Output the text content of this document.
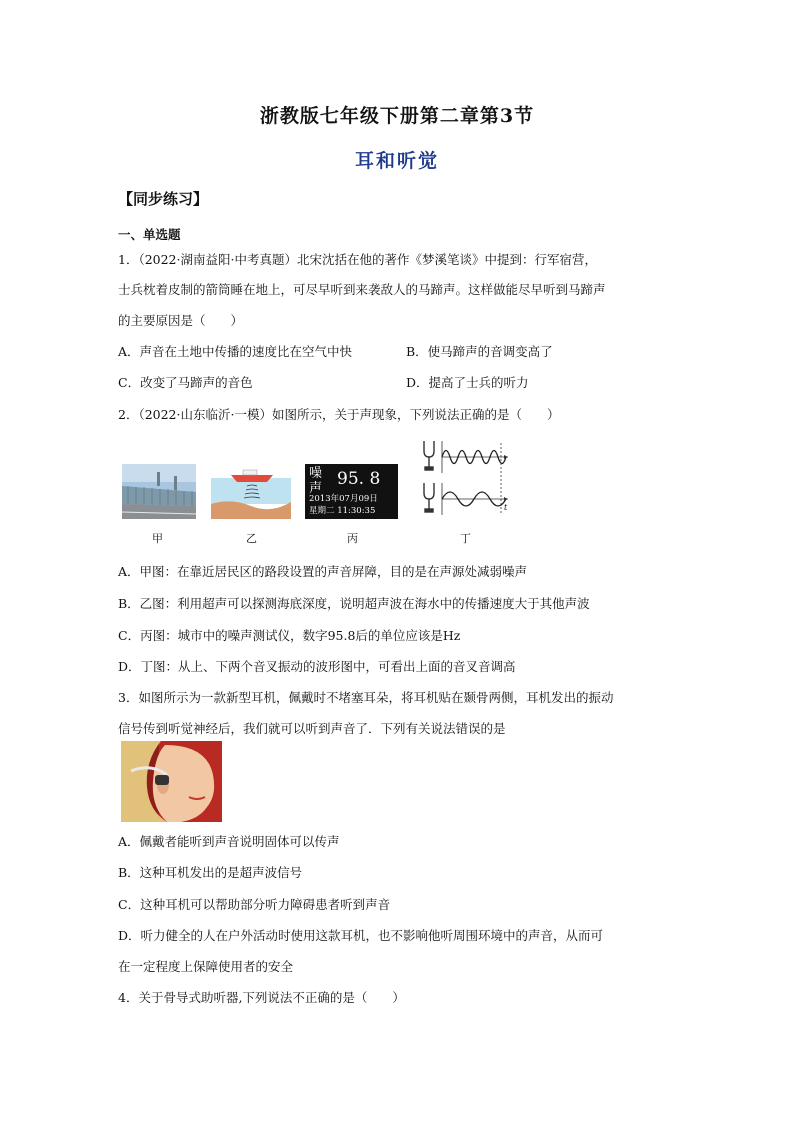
浙教版七年级下册第二章第3节
耳和听觉
【同步练习】
一、单选题
1．（2022·湖南益阳·中考真题）北宋沈括在他的著作《梦溪笔谈》中提到：行军宿营，
士兵枕着皮制的箭筒睡在地上，可尽早听到来袭敌人的马蹄声。这样做能尽早听到马蹄声
的主要原因是（　　）
A．声音在土地中传播的速度比在空气中快	B．使马蹄声的音调变高了
C．改变了马蹄声的音色	D．提高了士兵的听力
2．（2022·山东临沂·一模）如图所示，关于声现象，下列说法正确的是（　　）
噪
声 95. 8
2013年07月09日
星期二 11:30:35	t
甲	乙	丙	丁
A．甲图：在靠近居民区的路段设置的声音屏障，目的是在声源处减弱噪声
B．乙图：利用超声可以探测海底深度，说明超声波在海水中的传播速度大于其他声波
C．丙图：城市中的噪声测试仪，数字95.8后的单位应该是Hz
D．丁图：从上、下两个音叉振动的波形图中，可看出上面的音叉音调高
3．如图所示为一款新型耳机，佩戴时不堵塞耳朵，将耳机贴在颞骨两侧，耳机发出的振动
信号传到听觉神经后，我们就可以听到声音了．下列有关说法错误的是
A．佩戴者能听到声音说明固体可以传声
B．这种耳机发出的是超声波信号
C．这种耳机可以帮助部分听力障碍患者听到声音
D．听力健全的人在户外活动时使用这款耳机，也不影响他听周围环境中的声音，从而可
在一定程度上保障使用者的安全
4．关于骨导式助听器,下列说法不正确的是（　　）
